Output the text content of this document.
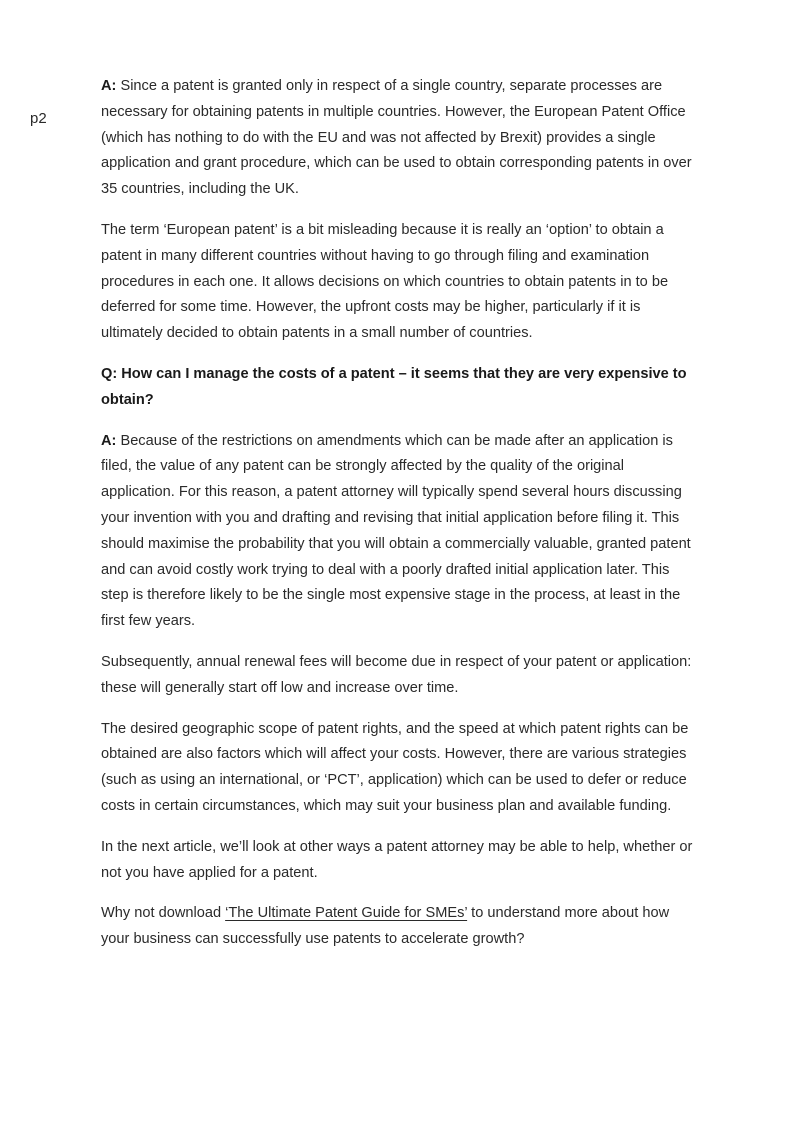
p2

A: Since a patent is granted only in respect of a single country, separate processes are necessary for obtaining patents in multiple countries. However, the European Patent Office (which has nothing to do with the EU and was not affected by Brexit) provides a single application and grant procedure, which can be used to obtain corresponding patents in over 35 countries, including the UK.

The term ‘European patent’ is a bit misleading because it is really an ‘option’ to obtain a patent in many different countries without having to go through filing and examination procedures in each one. It allows decisions on which countries to obtain patents in to be deferred for some time. However, the upfront costs may be higher, particularly if it is ultimately decided to obtain patents in a small number of countries.

Q: How can I manage the costs of a patent – it seems that they are very expensive to obtain?

A: Because of the restrictions on amendments which can be made after an application is filed, the value of any patent can be strongly affected by the quality of the original application. For this reason, a patent attorney will typically spend several hours discussing your invention with you and drafting and revising that initial application before filing it. This should maximise the probability that you will obtain a commercially valuable, granted patent and can avoid costly work trying to deal with a poorly drafted initial application later. This step is therefore likely to be the single most expensive stage in the process, at least in the first few years.

Subsequently, annual renewal fees will become due in respect of your patent or application: these will generally start off low and increase over time.

The desired geographic scope of patent rights, and the speed at which patent rights can be obtained are also factors which will affect your costs. However, there are various strategies (such as using an international, or ‘PCT’, application) which can be used to defer or reduce costs in certain circumstances, which may suit your business plan and available funding.

In the next article, we’ll look at other ways a patent attorney may be able to help, whether or not you have applied for a patent.

Why not download ‘The Ultimate Patent Guide for SMEs’ to understand more about how your business can successfully use patents to accelerate growth?
